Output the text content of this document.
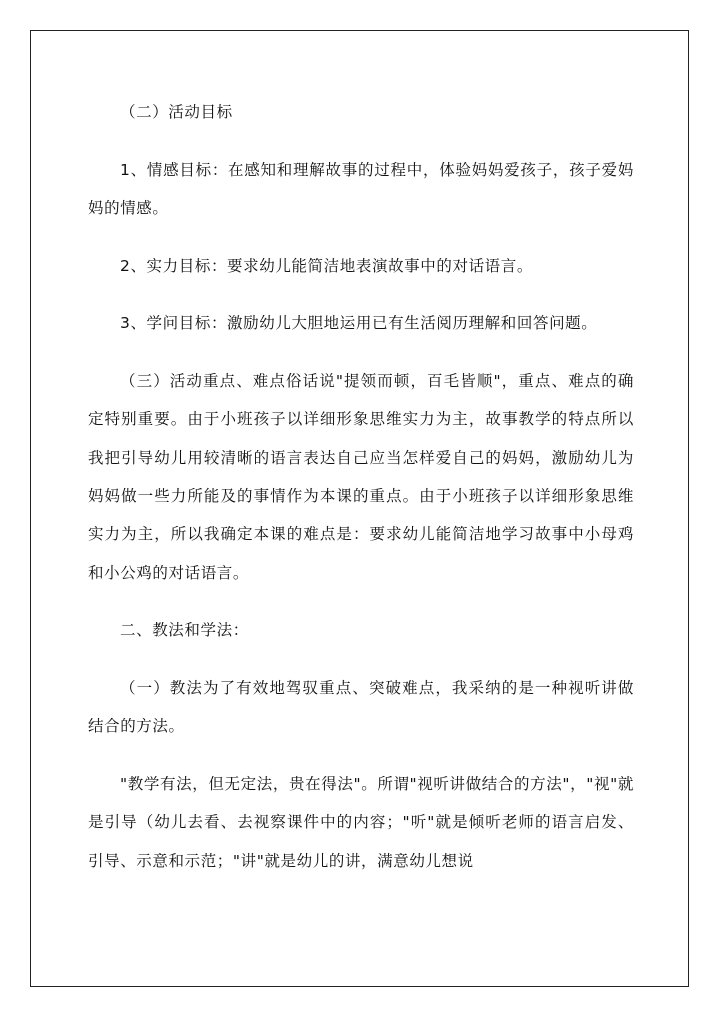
（二）活动目标

1、情感目标：在感知和理解故事的过程中，体验妈妈爱孩子，孩子爱妈妈的情感。

2、实力目标：要求幼儿能简洁地表演故事中的对话语言。

3、学问目标：激励幼儿大胆地运用已有生活阅历理解和回答问题。

（三）活动重点、难点俗话说"提领而顿，百毛皆顺"，重点、难点的确定特别重要。由于小班孩子以详细形象思维实力为主，故事教学的特点所以我把引导幼儿用较清晰的语言表达自己应当怎样爱自己的妈妈，激励幼儿为妈妈做一些力所能及的事情作为本课的重点。由于小班孩子以详细形象思维实力为主，所以我确定本课的难点是：要求幼儿能简洁地学习故事中小母鸡和小公鸡的对话语言。

二、教法和学法：

（一）教法为了有效地驾驭重点、突破难点，我采纳的是一种视听讲做结合的方法。

"教学有法，但无定法，贵在得法"。所谓"视听讲做结合的方法"，"视"就是引导（幼儿去看、去视察课件中的内容；"听"就是倾听老师的语言启发、引导、示意和示范；"讲"就是幼儿的讲，满意幼儿想说
